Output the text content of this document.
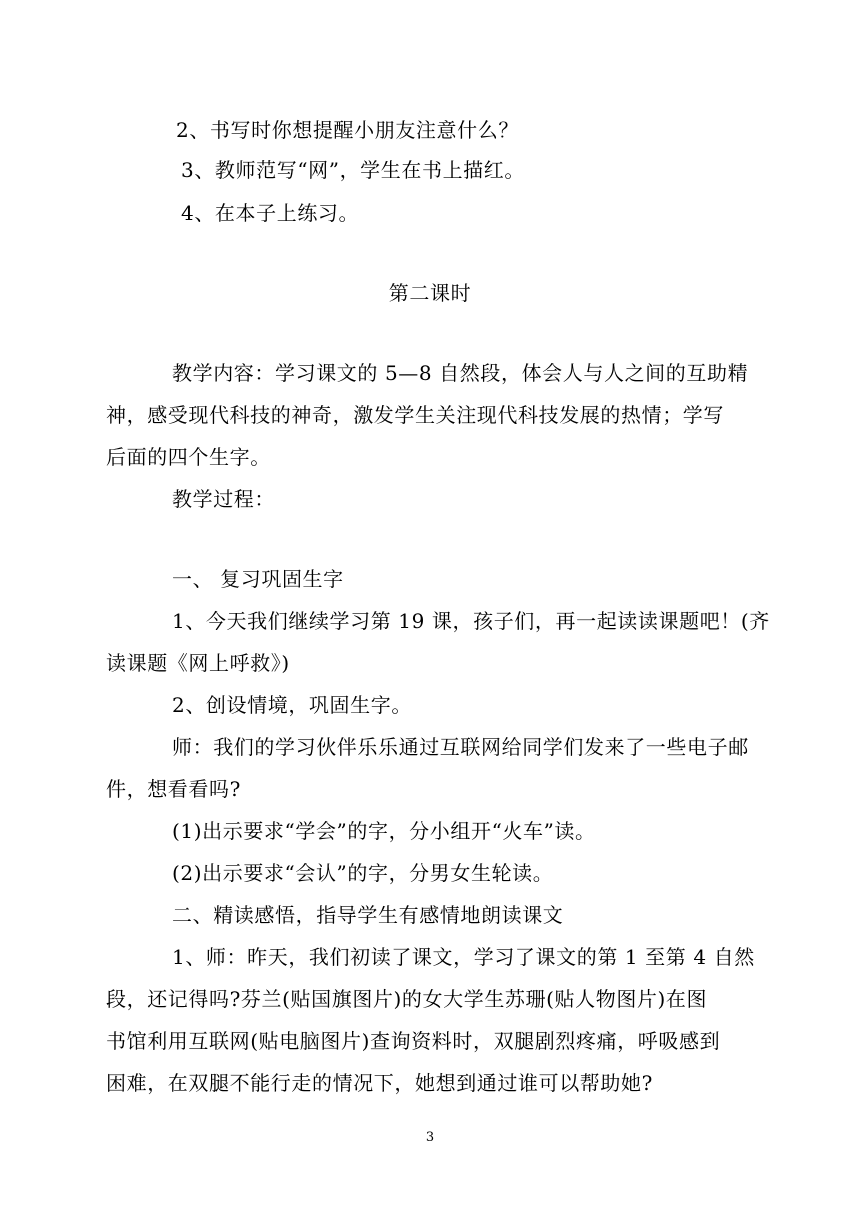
2、书写时你想提醒小朋友注意什么？
3、教师范写“网”，学生在书上描红。
4、在本子上练习。
第二课时
教学内容：学习课文的 5—8 自然段，体会人与人之间的互助精
神，感受现代科技的神奇，激发学生关注现代科技发展的热情；学写
后面的四个生字。
教学过程：
一、 复习巩固生字
1、今天我们继续学习第 19 课，孩子们，再一起读读课题吧！(齐
读课题《网上呼救》)
2、创设情境，巩固生字。
师：我们的学习伙伴乐乐通过互联网给同学们发来了一些电子邮
件，想看看吗?
(1)出示要求“学会”的字，分小组开“火车”读。
(2)出示要求“会认”的字，分男女生轮读。
二、精读感悟，指导学生有感情地朗读课文
1、师：昨天，我们初读了课文，学习了课文的第 1 至第 4 自然
段，还记得吗?芬兰(贴国旗图片)的女大学生苏珊(贴人物图片)在图
书馆利用互联网(贴电脑图片)查询资料时，双腿剧烈疼痛，呼吸感到
困难，在双腿不能行走的情况下，她想到通过谁可以帮助她?
3
